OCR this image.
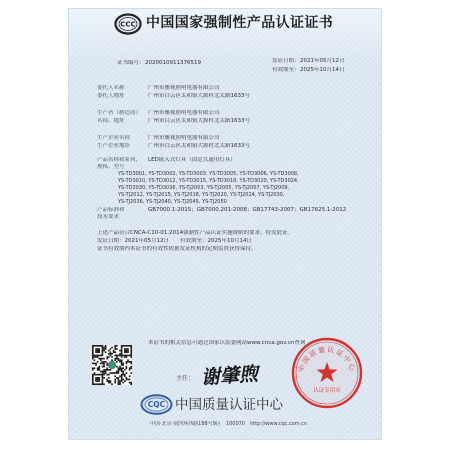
CCC 中国国家强制性产品认证证书
证书编号： 2020010911376519	发证日期： 2021年05月12日
有效期至： 2025年10月14日
委托人名称
委托人地址
广州市雅视照明电器有限公司
广州市白云区太和镇大源村北太路1633号
生产者（制造商）
名称、地址
广州市雅视照明电器有限公司
广州市白云区太和镇大源村北太路1633号
生产企业名称
生产企业地址
广州市雅视照明电器有限公司
广州市白云区太和镇大源村北太路1633号
产品名称和系列、
规格、型号
LED嵌入式灯具（固定式通用灯具）
YS-TD3001, YS-TD3002, YS-TD3003, YS-TD3005, YS-TD3006, YS-TD3008,
YS-TD3010, YS-TD3012, YS-TD3015, YS-TD3018, YS-TD3020, YS-TD3024,
YS-TD3030, YS-TD3036, YS-TJ2003, YS-TJ2005, YS-TJ2007, YS-TJ2009,
YS-TJ2012, YS-TJ2015, YS-TJ2018, YS-TJ2020, YS-TJ2024, YS-TJ2030,
YS-TJ2036, YS-TJ2040, YS-TJ2045, YS-TJ2050
产品标准和
技术要求
GB7000.1-2015；GB7000.201-2008；GB17743-2007；GB17625.1-2012
上述产品符合CNCA-C10-01:2014强制性产品认证实施规则的要求，特发此证。
发证日期：2021年05月12日　　有效期至：2025年10月14日
证书有效期内本证书的有效性依据发证机构的定期监督获得保持。
本证书的相关信息可通过国家认监委网站www.cnca.gov.cn查询
主任： 谢肇煦	中国质量认证中心
认证专用章
CQC 中国质量认证中心
中国·北京·南四环西路188号9区　100070　http://www.cqc.com.cn
